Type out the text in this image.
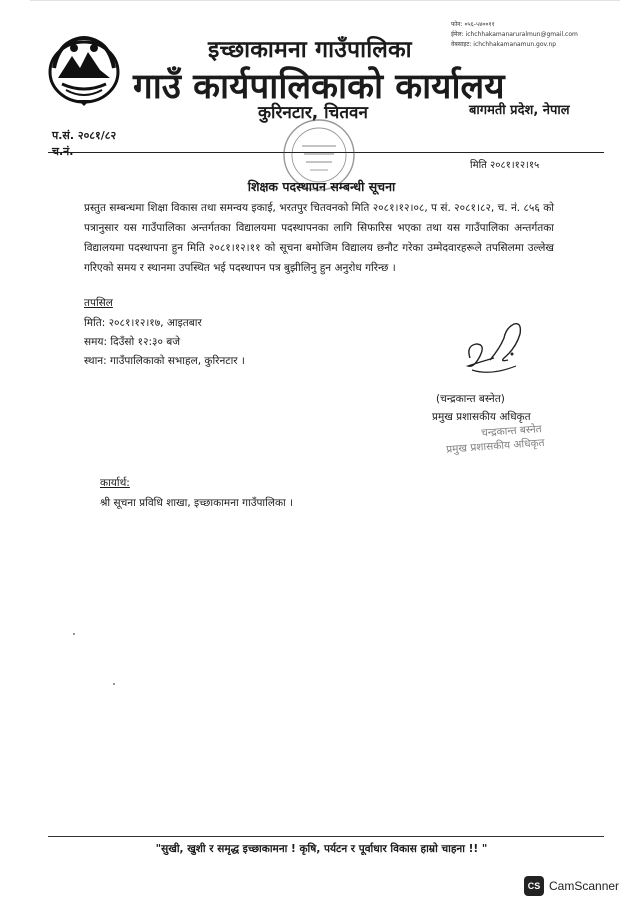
इच्छाकामना गाउँपालिका
गाउँ कार्यपालिकाको कार्यालय
कुरिनटार, चितवन
फोन: ०५६-५४००११
ईमेल: ichchhakamanaruralmun@gmail.com
वेबसाइट: ichchhakamanamun.gov.np
बागमती प्रदेश, नेपाल
प.सं. २०८१/८२
च.नं.
मिति २०८१।१२।१५
शिक्षक पदस्थापन सम्बन्धी सूचना
प्रस्तुत सम्बन्धमा शिक्षा विकास तथा समन्वय इकाई, भरतपुर चितवनको मिति २०८१।१२।०८, प सं. २०८१।८२, च. नं. ८५६ को पत्रानुसार यस गाउँपालिका अन्तर्गतका विद्यालयमा पदस्थापनका लागि सिफारिस भएका तथा यस गाउँपालिका अन्तर्गतका विद्यालयमा पदस्थापना हुन मिति २०८१।१२।११ को सूचना बमोजिम विद्यालय छनौट गरेका उम्मेदवारहरूले तपसिलमा उल्लेख गरिएको समय र स्थानमा उपस्थित भई पदस्थापन पत्र बुझीलिनु हुन अनुरोध गरिन्छ ।
तपसिल
मिति: २०८१।१२।१७, आइतबार
समय: दिउँसो १२:३० बजे
स्थान: गाउँपालिकाको सभाहल, कुरिनटार ।
(चन्द्रकान्त बस्नेत)
प्रमुख प्रशासकीय अधिकृत
चन्द्रकान्त बस्नेत
प्रमुख प्रशासकीय अधिकृत
कार्यार्थ:
श्री सूचना प्रविधि शाखा, इच्छाकामना गाउँपालिका ।
"सुखी, खुशी र समृद्ध इच्छाकामना ! कृषि, पर्यटन र पूर्वाधार विकास हाम्रो चाहना !! "
CS CamScanner
